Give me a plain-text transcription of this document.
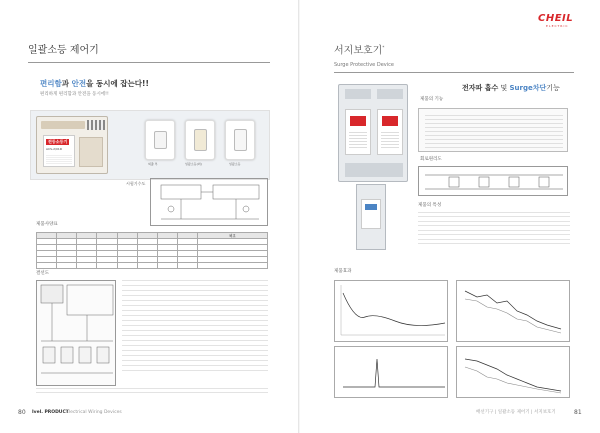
일괄소등 제어기
편리함과 안전을 동시에 잡는다!!
편리하게 편리함과 안전을 동시에!!
전등소등기
ACS-2/01R
외출 부	일괄소등(외)	일괄소등
시험기수도
제품사양표
								비고

결선도
80 Ivel. PRODUCT
Electrical Wiring Devices
CHEIL
ELECTRIC
서지보호기*
Surge Protective Device
전자파 흡수 및 Surge차단기능
제품의 기능
회로원리도
제품의 특성
제품효과
배선기구 | 일괄소등 제어기 | 서지보호기	81
